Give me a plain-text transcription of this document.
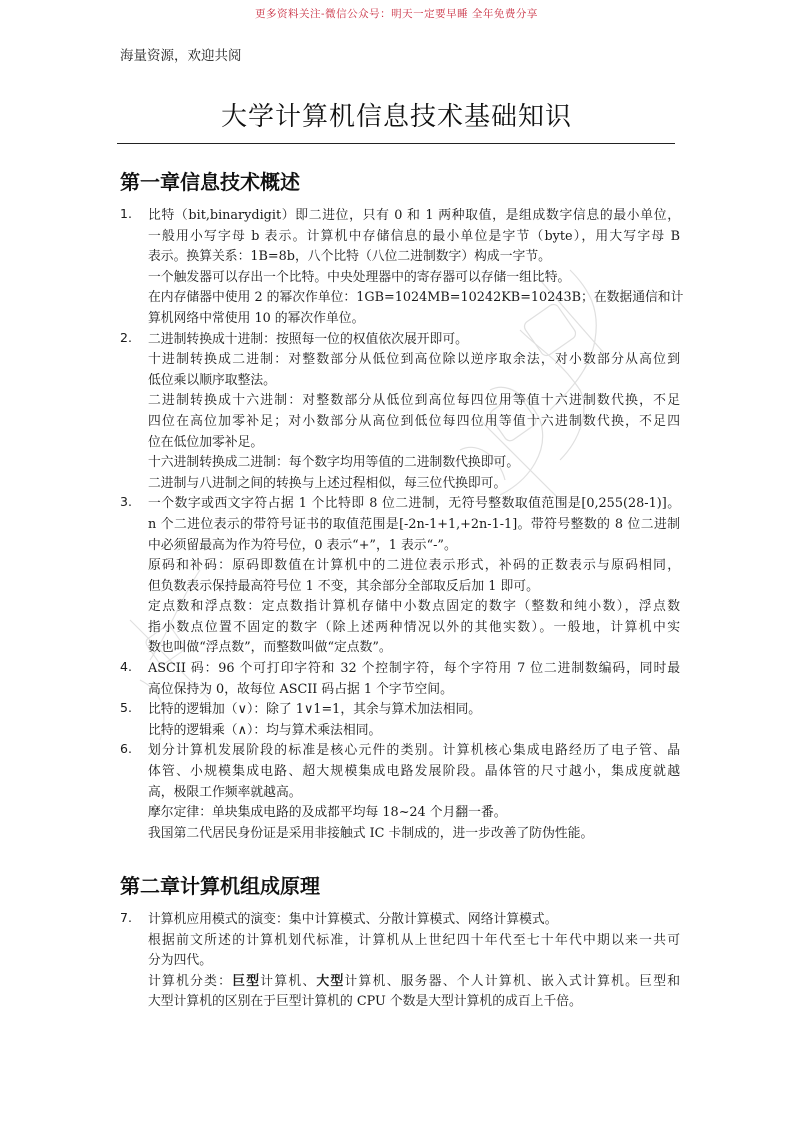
更多资料关注-微信公众号：明天一定要早睡 全年免费分享
海量资源，欢迎共阅
大学计算机信息技术基础知识
第一章信息技术概述
1. 比特（bit,binarydigit）即二进位，只有 0 和 1 两种取值，是组成数字信息的最小单位，
一般用小写字母 b 表示。计算机中存储信息的最小单位是字节（byte），用大写字母 B
表示。换算关系：1B=8b，八个比特（八位二进制数字）构成一字节。
一个触发器可以存出一个比特。中央处理器中的寄存器可以存储一组比特。
在内存储器中使用 2 的幂次作单位：1GB=1024MB=10242KB=10243B；在数据通信和计
算机网络中常使用 10 的幂次作单位。
2. 二进制转换成十进制：按照每一位的权值依次展开即可。
十进制转换成二进制：对整数部分从低位到高位除以逆序取余法，对小数部分从高位到
低位乘以顺序取整法。
二进制转换成十六进制：对整数部分从低位到高位每四位用等值十六进制数代换，不足
四位在高位加零补足；对小数部分从高位到低位每四位用等值十六进制数代换，不足四
位在低位加零补足。
十六进制转换成二进制：每个数字均用等值的二进制数代换即可。
二进制与八进制之间的转换与上述过程相似，每三位代换即可。
3. 一个数字或西文字符占据 1 个比特即 8 位二进制，无符号整数取值范围是[0,255(28-1)]。
n 个二进位表示的带符号证书的取值范围是[-2n-1+1,+2n-1-1]。带符号整数的 8 位二进制
中必须留最高为作为符号位，0 表示“+”，1 表示“-”。
原码和补码：原码即数值在计算机中的二进位表示形式，补码的正数表示与原码相同，
但负数表示保持最高符号位 1 不变，其余部分全部取反后加 1 即可。
定点数和浮点数：定点数指计算机存储中小数点固定的数字（整数和纯小数），浮点数
指小数点位置不固定的数字（除上述两种情况以外的其他实数）。一般地，计算机中实
数也叫做“浮点数”，而整数叫做“定点数”。
4. ASCII 码：96 个可打印字符和 32 个控制字符，每个字符用 7 位二进制数编码，同时最
高位保持为 0，故每位 ASCII 码占据 1 个字节空间。
5. 比特的逻辑加（∨）：除了 1∨1=1，其余与算术加法相同。
比特的逻辑乘（∧）：均与算术乘法相同。
6. 划分计算机发展阶段的标准是核心元件的类别。计算机核心集成电路经历了电子管、晶
体管、小规模集成电路、超大规模集成电路发展阶段。晶体管的尺寸越小，集成度就越
高，极限工作频率就越高。
摩尔定律：单块集成电路的及成都平均每 18~24 个月翻一番。
我国第二代居民身份证是采用非接触式 IC 卡制成的，进一步改善了防伪性能。
第二章计算机组成原理
7. 计算机应用模式的演变：集中计算模式、分散计算模式、网络计算模式。
根据前文所述的计算机划代标准，计算机从上世纪四十年代至七十年代中期以来一共可
分为四代。
计算机分类：巨型计算机、大型计算机、服务器、个人计算机、嵌入式计算机。巨型和
大型计算机的区别在于巨型计算机的 CPU 个数是大型计算机的成百上千倍。
